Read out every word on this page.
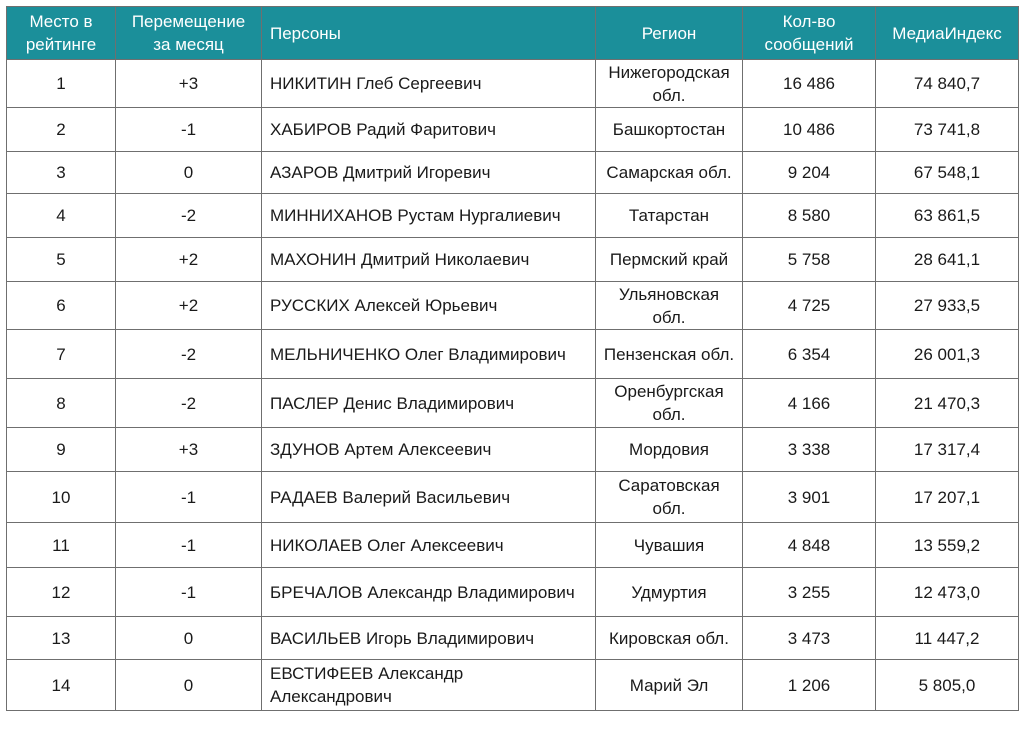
Место в рейтинге	Перемещение за месяц	Персоны	Регион	Кол-во сообщений	МедиаИндекс
1	+3	НИКИТИН Глеб Сергеевич	Нижегородская обл.	16 486	74 840,7
2	-1	ХАБИРОВ Радий Фаритович	Башкортостан	10 486	73 741,8
3	0	АЗАРОВ Дмитрий Игоревич	Самарская обл.	9 204	67 548,1
4	-2	МИННИХАНОВ Рустам Нургалиевич	Татарстан	8 580	63 861,5
5	+2	МАХОНИН Дмитрий Николаевич	Пермский край	5 758	28 641,1
6	+2	РУССКИХ Алексей Юрьевич	Ульяновская обл.	4 725	27 933,5
7	-2	МЕЛЬНИЧЕНКО Олег Владимирович	Пензенская обл.	6 354	26 001,3
8	-2	ПАСЛЕР Денис Владимирович	Оренбургская обл.	4 166	21 470,3
9	+3	ЗДУНОВ Артем Алексеевич	Мордовия	3 338	17 317,4
10	-1	РАДАЕВ Валерий Васильевич	Саратовская обл.	3 901	17 207,1
11	-1	НИКОЛАЕВ Олег Алексеевич	Чувашия	4 848	13 559,2
12	-1	БРЕЧАЛОВ Александр Владимирович	Удмуртия	3 255	12 473,0
13	0	ВАСИЛЬЕВ Игорь Владимирович	Кировская обл.	3 473	11 447,2
14	0	ЕВСТИФЕЕВ Александр Александрович	Марий Эл	1 206	5 805,0
